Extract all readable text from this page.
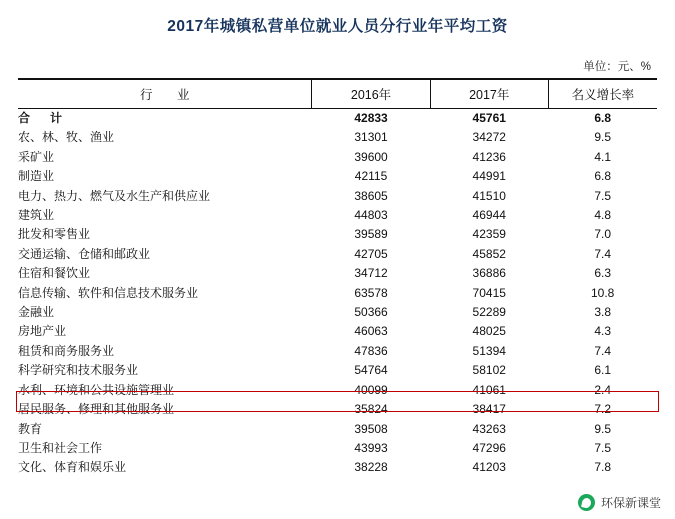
2017年城镇私营单位就业人员分行业年平均工资
单位：元、%
行　业	2016年	2017年	名义增长率
合　计	42833	45761	6.8
农、林、牧、渔业	31301	34272	9.5
采矿业	39600	41236	4.1
制造业	42115	44991	6.8
电力、热力、燃气及水生产和供应业	38605	41510	7.5
建筑业	44803	46944	4.8
批发和零售业	39589	42359	7.0
交通运输、仓储和邮政业	42705	45852	7.4
住宿和餐饮业	34712	36886	6.3
信息传输、软件和信息技术服务业	63578	70415	10.8
金融业	50366	52289	3.8
房地产业	46063	48025	4.3
租赁和商务服务业	47836	51394	7.4
科学研究和技术服务业	54764	58102	6.1
水利、环境和公共设施管理业	40099	41061	2.4
居民服务、修理和其他服务业	35824	38417	7.2
教育	39508	43263	9.5
卫生和社会工作	43993	47296	7.5
文化、体育和娱乐业	38228	41203	7.8
环保新课堂
